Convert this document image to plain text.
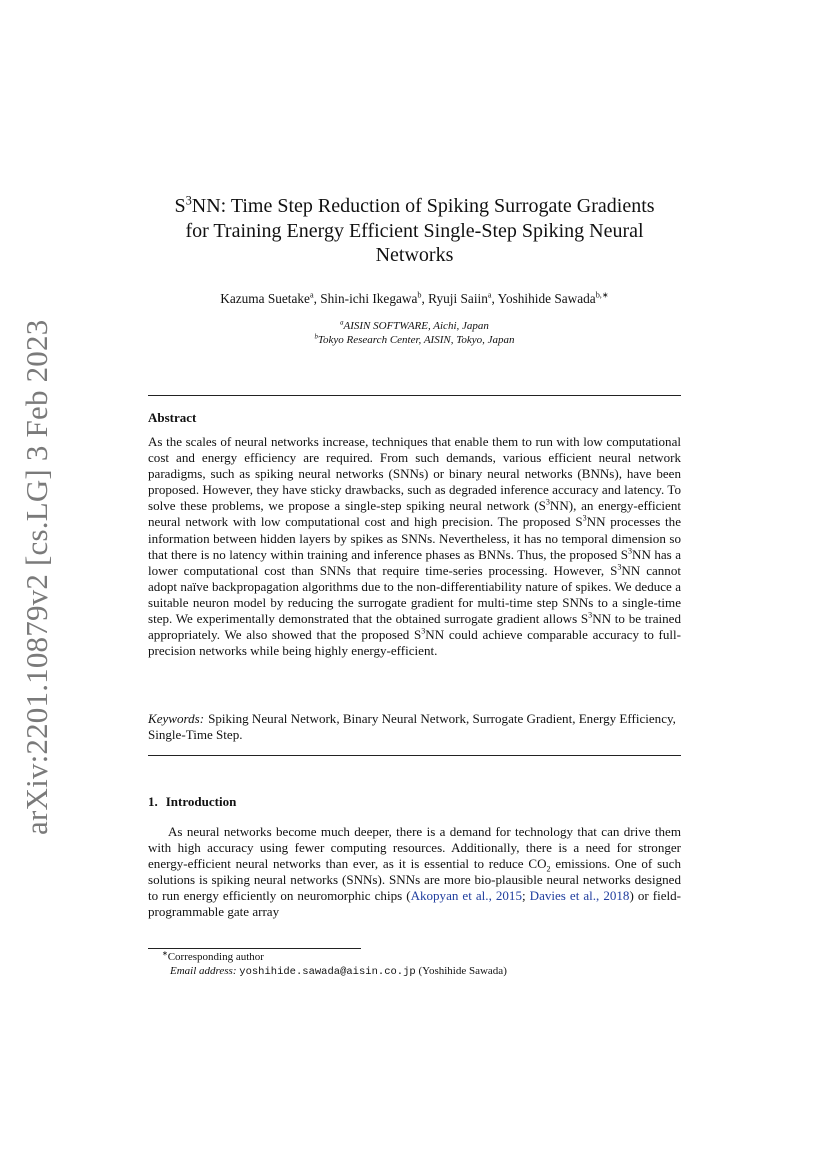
arXiv:2201.10879v2 [cs.LG] 3 Feb 2023
$S^3NN$: Time Step Reduction of Spiking Surrogate Gradients
for Training Energy Efficient Single-Step Spiking Neural
Networks
Kazuma Suetake$^a$, Shin-ichi Ikegawa$^b$, Ryuji Saiin$^a$, Yoshihide Sawada$^{b,∗}$
$^a$AISIN SOFTWARE, Aichi, Japan
$^b$Tokyo Research Center, AISIN, Tokyo, Japan
Abstract
As the scales of neural networks increase, techniques that enable them to run with low computational cost and energy efficiency are required. From such demands, various efficient neural network paradigms, such as spiking neural networks (SNNs) or binary neural networks (BNNs), have been proposed. However, they have sticky drawbacks, such as degraded inference accuracy and latency. To solve these problems, we propose a single-step spiking neural network $(S^3NN)$, an energy-efficient neural network with low computational cost and high precision. The proposed $S^3NN$ processes the information between hidden layers by spikes as SNNs. Nevertheless, it has no temporal dimension so that there is no latency within training and inference phases as BNNs. Thus, the proposed $S^3NN$ has a lower computational cost than SNNs that require time-series processing. However, $S^3NN$ cannot adopt naïve backpropagation algorithms due to the non-differentiability nature of spikes. We deduce a suitable neuron model by reducing the surrogate gradient for multi-time step SNNs to a single-time step. We experimentally demonstrated that the obtained surrogate gradient allows $S^3NN$ to be trained appropriately. We also showed that the proposed $S^3NN$ could achieve comparable accuracy to full-precision networks while being highly energy-efficient.
Keywords: Spiking Neural Network, Binary Neural Network, Surrogate Gradient, Energy Efficiency, Single-Time Step.
1. Introduction
As neural networks become much deeper, there is a demand for technology that can drive them with high accuracy using fewer computing resources. Additionally, there is a need for stronger energy-efficient neural networks than ever, as it is essential to reduce $CO_2$ emissions. One of such solutions is spiking neural networks (SNNs). SNNs are more bio-plausible neural networks designed to run energy efficiently on neuromorphic chips (Akopyan et al., 2015; Davies et al., 2018) or field-programmable gate array
∗Corresponding author
Email address: yoshihide.sawada@aisin.co.jp (Yoshihide Sawada)
